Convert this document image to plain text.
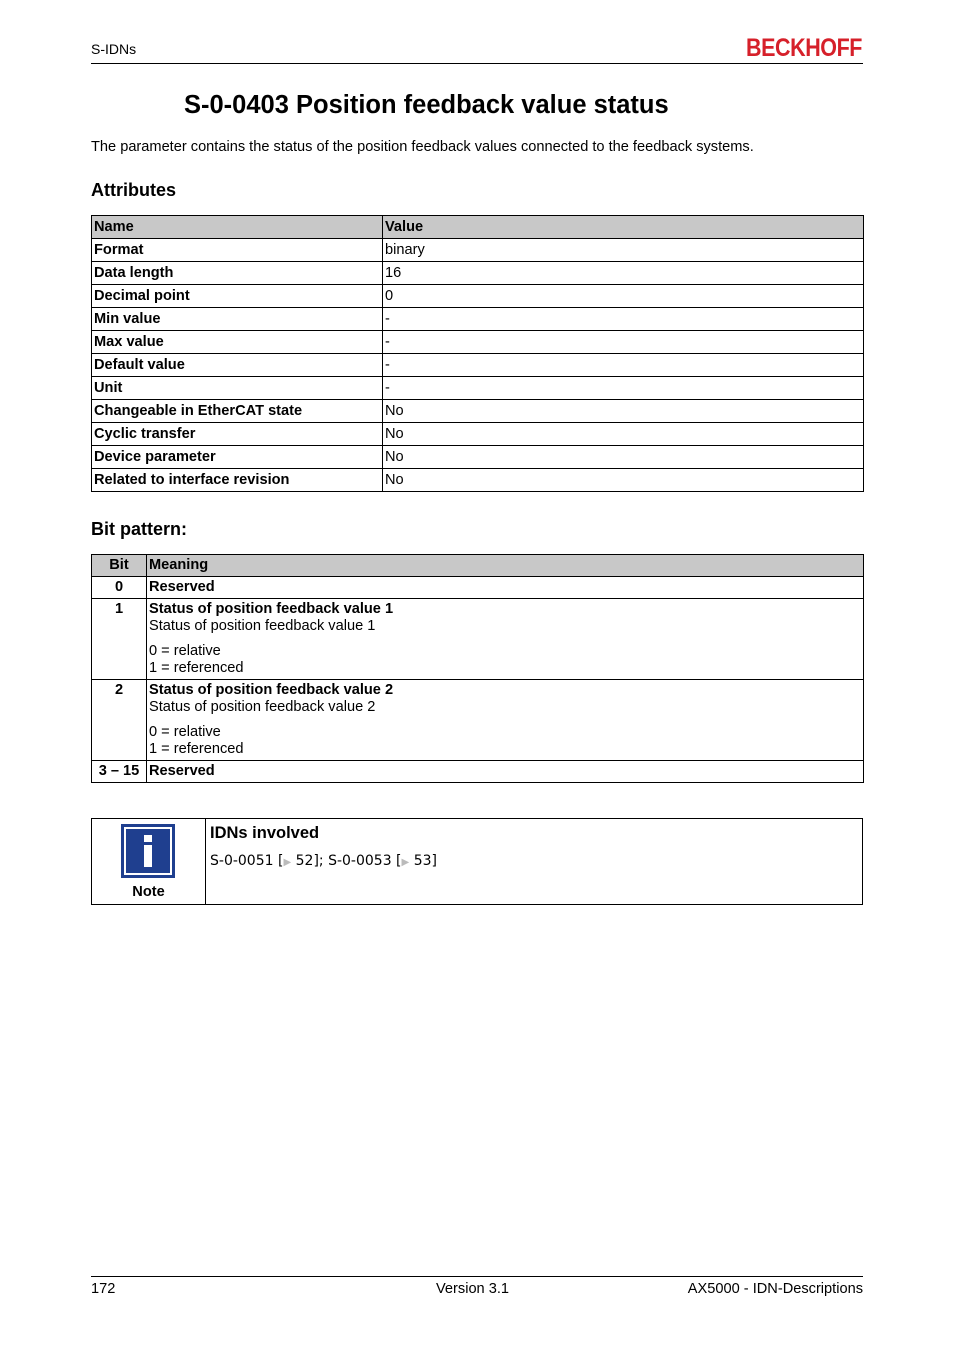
S-IDNs	BECKHOFF
S-0-0403 Position feedback value status

The parameter contains the status of the position feedback values connected to the feedback systems.

Attributes
Name	Value
Format	binary
Data length	16
Decimal point	0
Min value	-
Max value	-
Default value	-
Unit	-
Changeable in EtherCAT state	No
Cyclic transfer	No
Device parameter	No
Related to interface revision	No
Bit pattern:
Bit	Meaning
0	Reserved

1	Status of position feedback value 1
Status of position feedback value 1
0 = relative
1 = referenced

2	Status of position feedback value 2
Status of position feedback value 2
0 = relative
1 = referenced

3 – 15	Reserved
Note
IDNs involved
S-0-0051 [▶ 52]; S-0-0053 [▶ 53]
172	Version 3.1	AX5000 - IDN-Descriptions
